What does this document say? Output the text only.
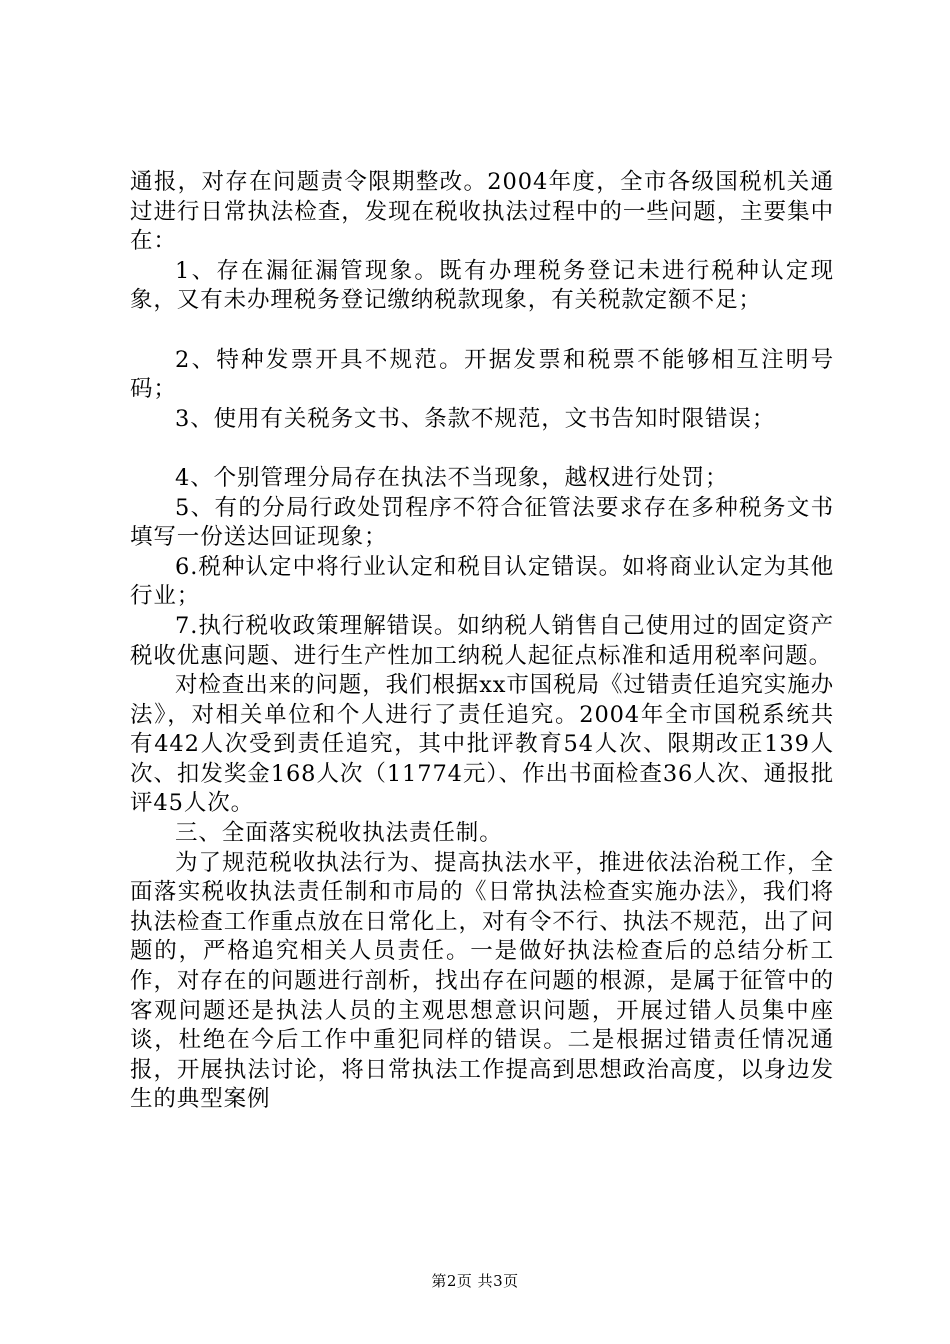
通报，对存在问题责令限期整改。2004年度，全市各级国税机关通过进行日常执法检查，发现在税收执法过程中的一些问题，主要集中在：

1、存在漏征漏管现象。既有办理税务登记未进行税种认定现象，又有未办理税务登记缴纳税款现象，有关税款定额不足；

2、特种发票开具不规范。开据发票和税票不能够相互注明号码；

3、使用有关税务文书、条款不规范，文书告知时限错误；

4、个别管理分局存在执法不当现象，越权进行处罚；

5、有的分局行政处罚程序不符合征管法要求存在多种税务文书填写一份送达回证现象；

6.税种认定中将行业认定和税目认定错误。如将商业认定为其他行业；

7.执行税收政策理解错误。如纳税人销售自己使用过的固定资产税收优惠问题、进行生产性加工纳税人起征点标准和适用税率问题。

对检查出来的问题，我们根据xx市国税局《过错责任追究实施办法》，对相关单位和个人进行了责任追究。2004年全市国税系统共有442人次受到责任追究，其中批评教育54人次、限期改正139人次、扣发奖金168人次（11774元）、作出书面检查36人次、通报批评45人次。

三、全面落实税收执法责任制。

为了规范税收执法行为、提高执法水平，推进依法治税工作，全面落实税收执法责任制和市局的《日常执法检查实施办法》，我们将执法检查工作重点放在日常化上，对有令不行、执法不规范，出了问题的，严格追究相关人员责任。一是做好执法检查后的总结分析工作，对存在的问题进行剖析，找出存在问题的根源，是属于征管中的客观问题还是执法人员的主观思想意识问题，开展过错人员集中座谈，杜绝在今后工作中重犯同样的错误。二是根据过错责任情况通报，开展执法讨论，将日常执法工作提高到思想政治高度，以身边发生的典型案例

第2页 共3页
